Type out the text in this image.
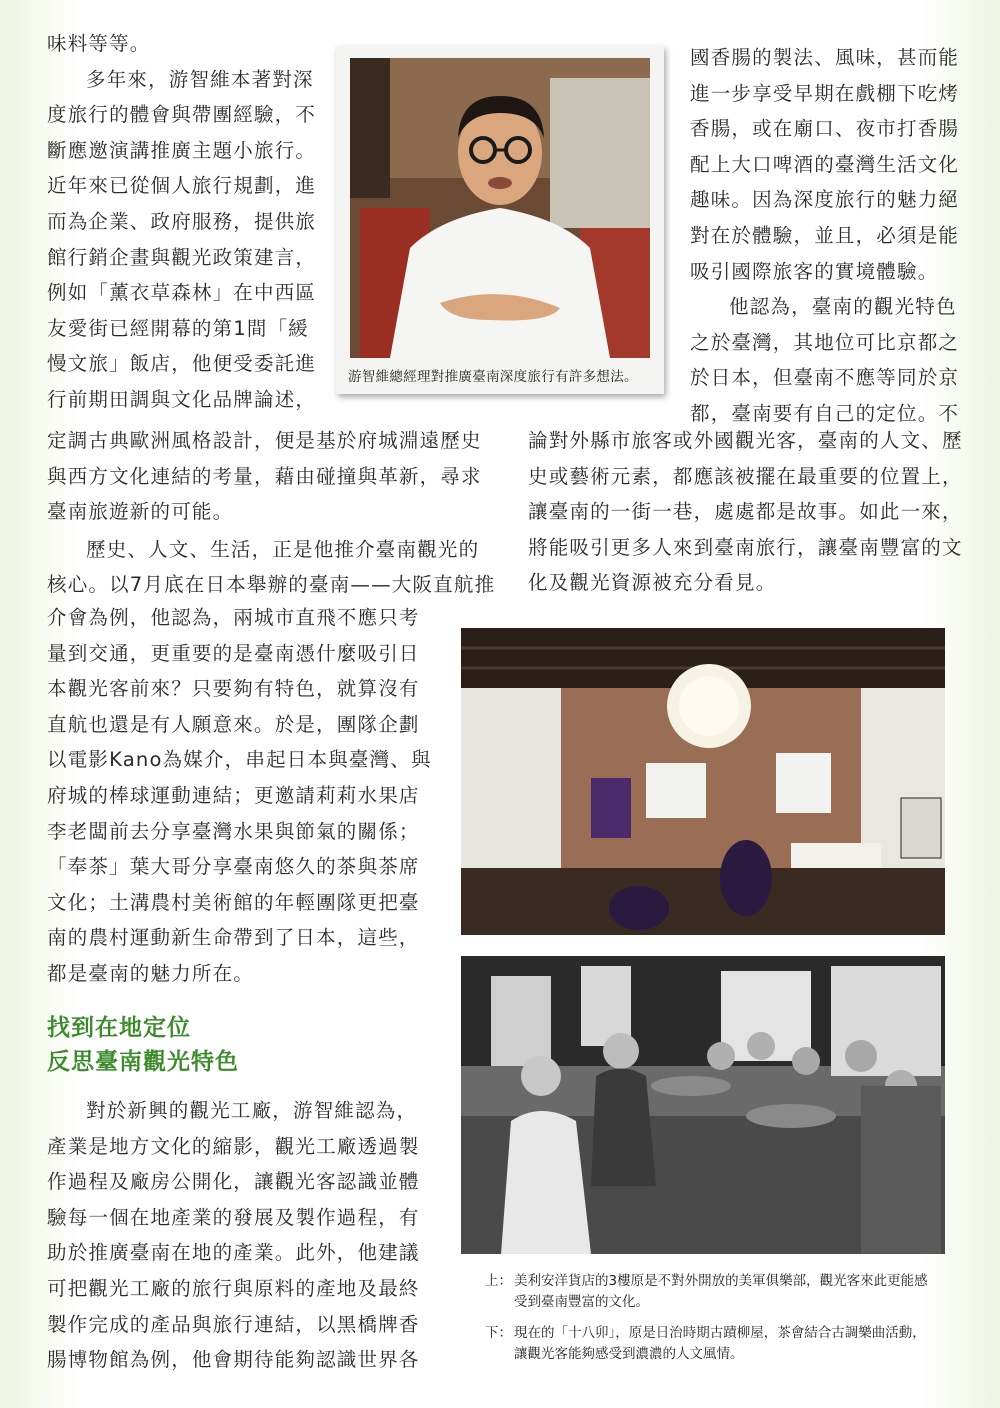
味料等等。
多年來，游智維本著對深
度旅行的體會與帶團經驗，不
斷應邀演講推廣主題小旅行。
近年來已從個人旅行規劃，進
而為企業、政府服務，提供旅
館行銷企畫與觀光政策建言，
例如「薰衣草森林」在中西區
友愛街已經開幕的第1間「緩
慢文旅」飯店，他便受委託進
行前期田調與文化品牌論述，
定調古典歐洲風格設計，便是基於府城淵遠歷史
與西方文化連結的考量，藉由碰撞與革新，尋求
臺南旅遊新的可能。
歷史、人文、生活，正是他推介臺南觀光的
核心。以7月底在日本舉辦的臺南——大阪直航推
介會為例，他認為，兩城市直飛不應只考
量到交通，更重要的是臺南憑什麼吸引日
本觀光客前來？只要夠有特色，就算沒有
直航也還是有人願意來。於是，團隊企劃
以電影Kano為媒介，串起日本與臺灣、與
府城的棒球運動連結；更邀請莉莉水果店
李老闆前去分享臺灣水果與節氣的關係；
「奉茶」葉大哥分享臺南悠久的茶與茶席
文化；土溝農村美術館的年輕團隊更把臺
南的農村運動新生命帶到了日本，這些，
都是臺南的魅力所在。
找到在地定位
反思臺南觀光特色
對於新興的觀光工廠，游智維認為，
產業是地方文化的縮影，觀光工廠透過製
作過程及廠房公開化，讓觀光客認識並體
驗每一個在地產業的發展及製作過程，有
助於推廣臺南在地的產業。此外，他建議
可把觀光工廠的旅行與原料的產地及最終
製作完成的產品與旅行連結，以黑橋牌香
腸博物館為例，他會期待能夠認識世界各
國香腸的製法、風味，甚而能
進一步享受早期在戲棚下吃烤
香腸，或在廟口、夜市打香腸
配上大口啤酒的臺灣生活文化
趣味。因為深度旅行的魅力絕
對在於體驗，並且，必須是能
吸引國際旅客的實境體驗。
他認為，臺南的觀光特色
之於臺灣，其地位可比京都之
於日本，但臺南不應等同於京
都，臺南要有自己的定位。不
論對外縣市旅客或外國觀光客，臺南的人文、歷
史或藝術元素，都應該被擺在最重要的位置上，
讓臺南的一街一巷，處處都是故事。如此一來，
將能吸引更多人來到臺南旅行，讓臺南豐富的文
化及觀光資源被充分看見。
游智維總經理對推廣臺南深度旅行有許多想法。
上： 美利安洋貨店的3樓原是不對外開放的美軍俱樂部，觀光客來此更能感
受到臺南豐富的文化。
下： 現在的「十八卯」，原是日治時期古蹟柳屋，茶會結合古調樂曲活動，
讓觀光客能夠感受到濃濃的人文風情。
